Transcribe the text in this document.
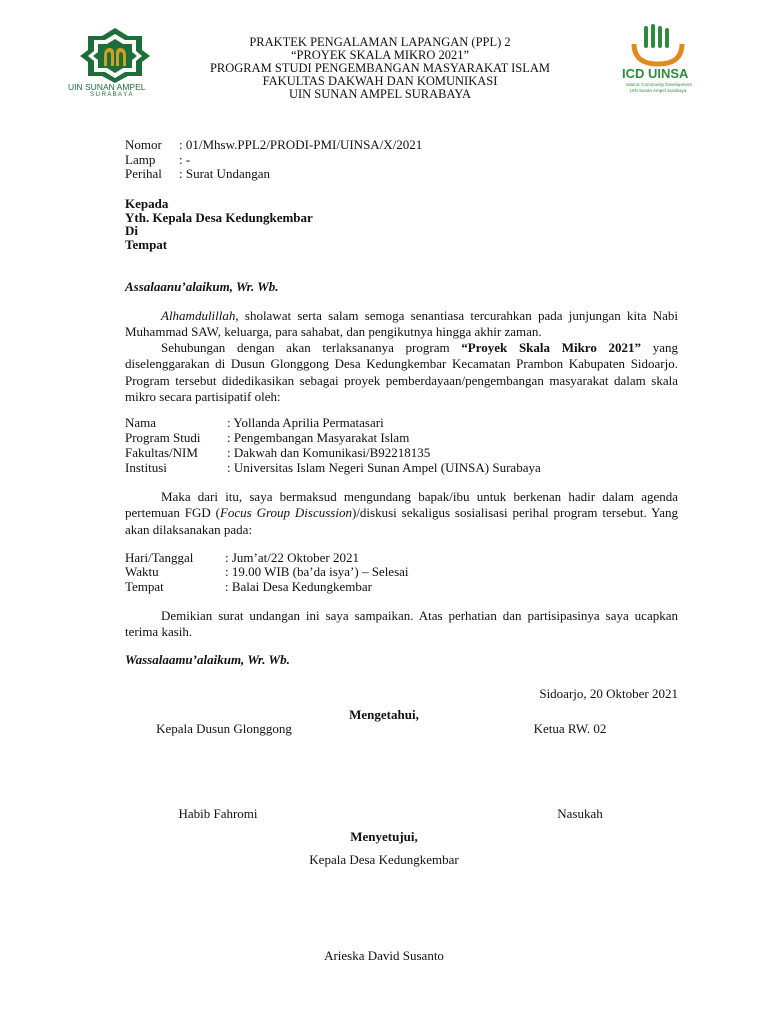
UIN SUNAN AMPEL
S U R A B A Y A
PRAKTEK PENGALAMAN LAPANGAN (PPL) 2
“PROYEK SKALA MIKRO 2021”
PROGRAM STUDI PENGEMBANGAN MASYARAKAT ISLAM
FAKULTAS DAKWAH DAN KOMUNIKASI
UIN SUNAN AMPEL SURABAYA
ICD UINSA
Islamic Community Development
UIN Sunan Ampel Surabaya
Nomor : 01/Mhsw.PPL2/PRODI-PMI/UINSA/X/2021
Lamp : -
Perihal : Surat Undangan
Kepada
Yth. Kepala Desa Kedungkembar
Di
Tempat
Assalaanu’alaikum, Wr. Wb.
Alhamdulillah, sholawat serta salam semoga senantiasa tercurahkan pada junjungan kita Nabi Muhammad SAW, keluarga, para sahabat, dan pengikutnya hingga akhir zaman.
Sehubungan dengan akan terlaksananya program “Proyek Skala Mikro 2021” yang diselenggarakan di Dusun Glonggong Desa Kedungkembar Kecamatan Prambon Kabupaten Sidoarjo. Program tersebut didedikasikan sebagai proyek pemberdayaan/pengembangan masyarakat dalam skala mikro secara partisipatif oleh:
Nama	: Yollanda Aprilia Permatasari
Program Studi : Pengembangan Masyarakat Islam
Fakultas/NIM : Dakwah dan Komunikasi/B92218135
Institusi	: Universitas Islam Negeri Sunan Ampel (UINSA) Surabaya
Maka dari itu, saya bermaksud mengundang bapak/ibu untuk berkenan hadir dalam agenda pertemuan FGD (Focus Group Discussion)/diskusi sekaligus sosialisasi perihal program tersebut. Yang akan dilaksanakan pada:
Hari/Tanggal : Jum’at/22 Oktober 2021
Waktu	: 19.00 WIB (ba’da isya’) – Selesai
Tempat	: Balai Desa Kedungkembar
Demikian surat undangan ini saya sampaikan. Atas perhatian dan partisipasinya saya ucapkan terima kasih.
Wassalaamu’alaikum, Wr. Wb.
Sidoarjo, 20 Oktober 2021
Mengetahui,
Kepala Dusun Glonggong	Ketua RW. 02
Habib Fahromi	Nasukah
Menyetujui,
Kepala Desa Kedungkembar
Arieska David Susanto
